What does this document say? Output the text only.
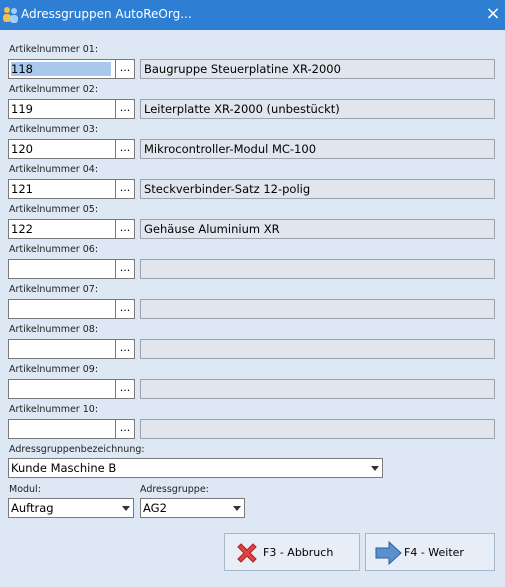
Adressgruppen AutoReOrg...	×
Artikelnummer 01:
118	...	Baugruppe Steuerplatine XR-2000
Artikelnummer 02:
119	...	Leiterplatte XR-2000 (unbestückt)
Artikelnummer 03:
120	...	Mikrocontroller-Modul MC-100
Artikelnummer 04:
121	...	Steckverbinder-Satz 12-polig
Artikelnummer 05:
122	...	Gehäuse Aluminium XR
Artikelnummer 06:
...
Artikelnummer 07:
...
Artikelnummer 08:
...
Artikelnummer 09:
...
Artikelnummer 10:
...
Adressgruppenbezeichnung:
Kunde Maschine B
Modul:	Adressgruppe:
Auftrag	AG2
F3 - Abbruch	F4 - Weiter
